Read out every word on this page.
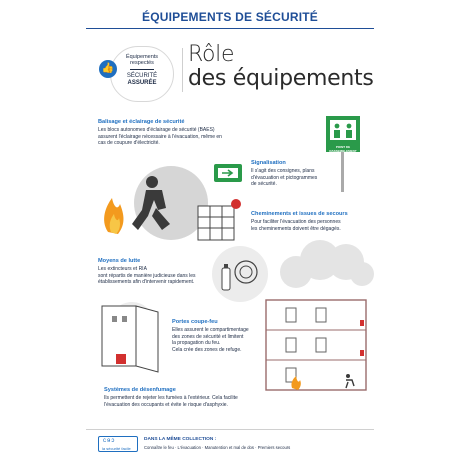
ÉQUIPEMENTS DE SÉCURITÉ
Équipements
respectés
SÉCURITÉ
ASSURÉE
👍
Rôle
des équipements
Balisage et éclairage de sécurité
Les blocs autonomes d'éclairage de sécurité (BAES)
assurent l'éclairage nécessaire à l'évacuation, même en
cas de coupure d'électricité.
POINT DE RASSEMBLEMENT
Signalisation
Il s'agit des consignes, plans
d'évacuation et pictogrammes
de sécurité.
Cheminements et issues de secours
Pour faciliter l'évacuation des personnes
les cheminements doivent être dégagés.
Moyens de lutte
Les extincteurs et RIA
sont répartis de manière judicieuse dans les
établissements afin d'intervenir rapidement.
Portes coupe-feu
Elles assurent le compartimentage
des zones de sécurité et limitent
la propagation du feu.
Cela crée des zones de refuge.
Systèmes de désenfumage
Ils permettent de rejeter les fumées à l'extérieur. Cela facilite
l'évacuation des occupants et évite le risque d'asphyxie.
cɘɔ
la sécurité facile
DANS LA MÊME COLLECTION :
Connaître le feu · L'évacuation · Manutention et mal de dos · Premiers secours
